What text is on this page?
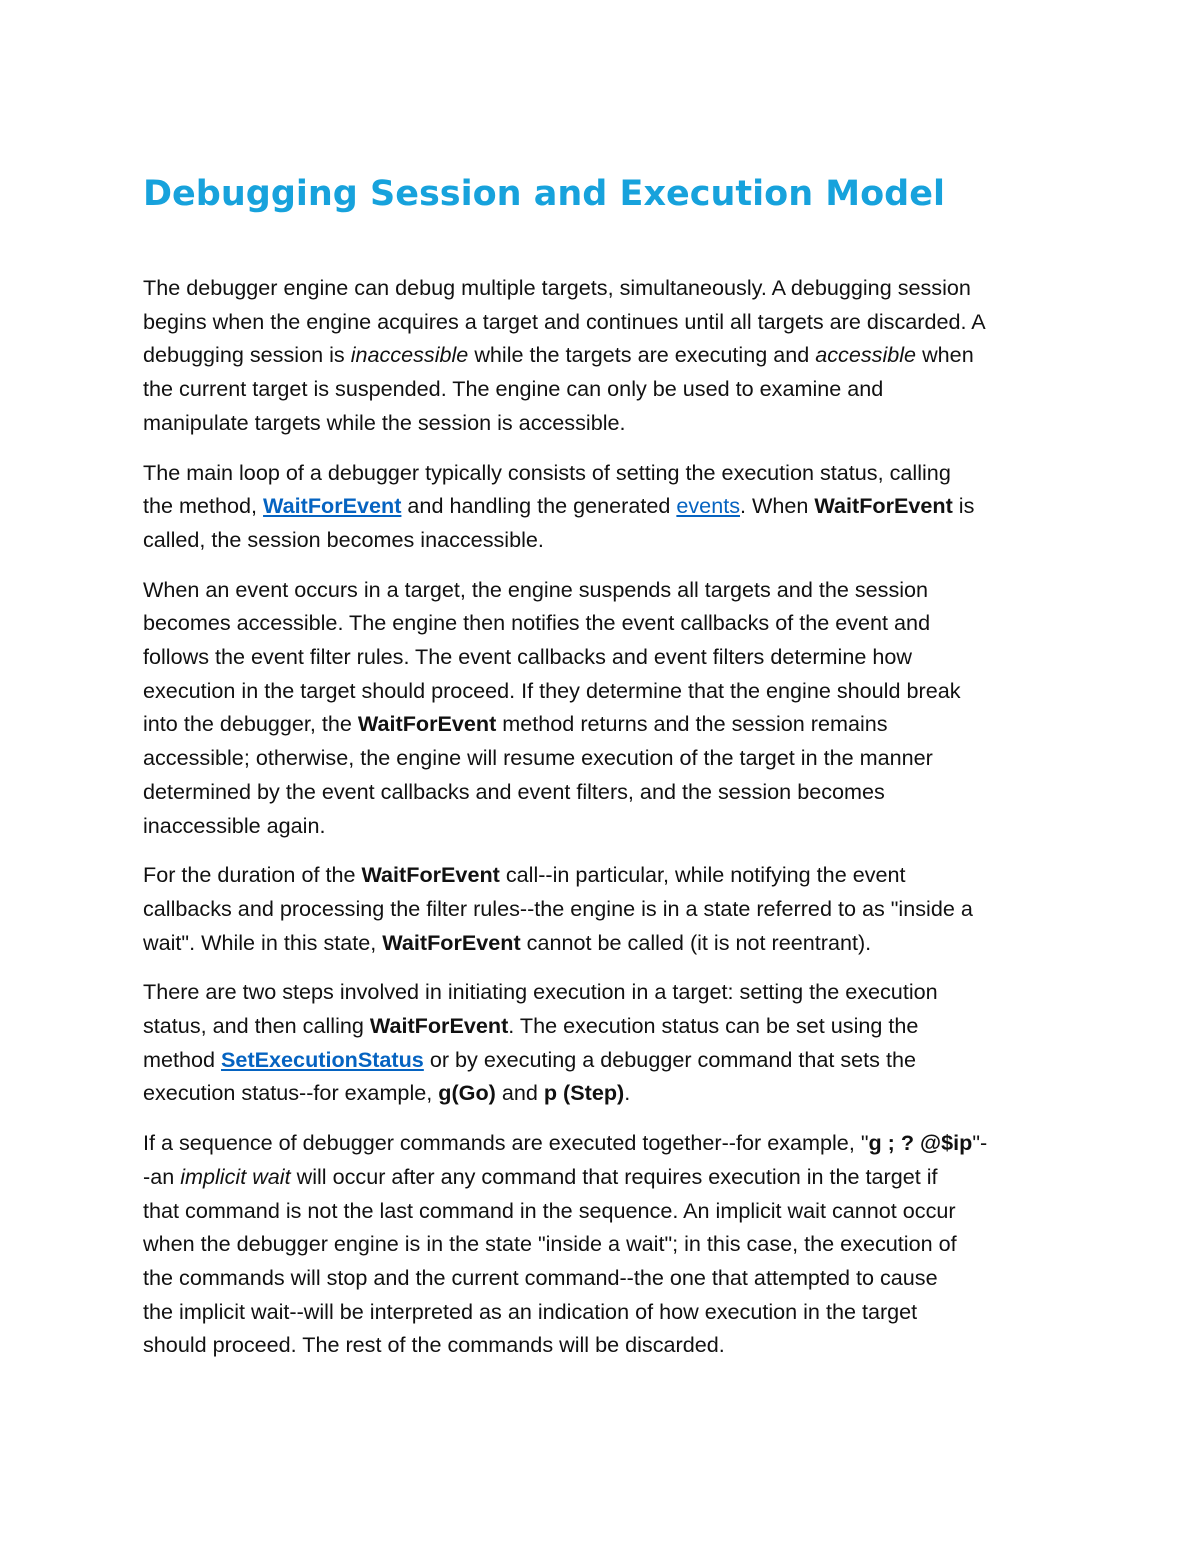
Debugging Session and Execution Model

The debugger engine can debug multiple targets, simultaneously. A debugging session
begins when the engine acquires a target and continues until all targets are discarded. A
debugging session is inaccessible while the targets are executing and accessible when
the current target is suspended. The engine can only be used to examine and
manipulate targets while the session is accessible.

The main loop of a debugger typically consists of setting the execution status, calling
the method, WaitForEvent and handling the generated events. When WaitForEvent is
called, the session becomes inaccessible.

When an event occurs in a target, the engine suspends all targets and the session
becomes accessible. The engine then notifies the event callbacks of the event and
follows the event filter rules. The event callbacks and event filters determine how
execution in the target should proceed. If they determine that the engine should break
into the debugger, the WaitForEvent method returns and the session remains
accessible; otherwise, the engine will resume execution of the target in the manner
determined by the event callbacks and event filters, and the session becomes
inaccessible again.

For the duration of the WaitForEvent call--in particular, while notifying the event
callbacks and processing the filter rules--the engine is in a state referred to as "inside a
wait". While in this state, WaitForEvent cannot be called (it is not reentrant).

There are two steps involved in initiating execution in a target: setting the execution
status, and then calling WaitForEvent. The execution status can be set using the
method SetExecutionStatus or by executing a debugger command that sets the
execution status--for example, g(Go) and p (Step).

If a sequence of debugger commands are executed together--for example, "g ; ? @$ip"-
-an implicit wait will occur after any command that requires execution in the target if
that command is not the last command in the sequence. An implicit wait cannot occur
when the debugger engine is in the state "inside a wait"; in this case, the execution of
the commands will stop and the current command--the one that attempted to cause
the implicit wait--will be interpreted as an indication of how execution in the target
should proceed. The rest of the commands will be discarded.
